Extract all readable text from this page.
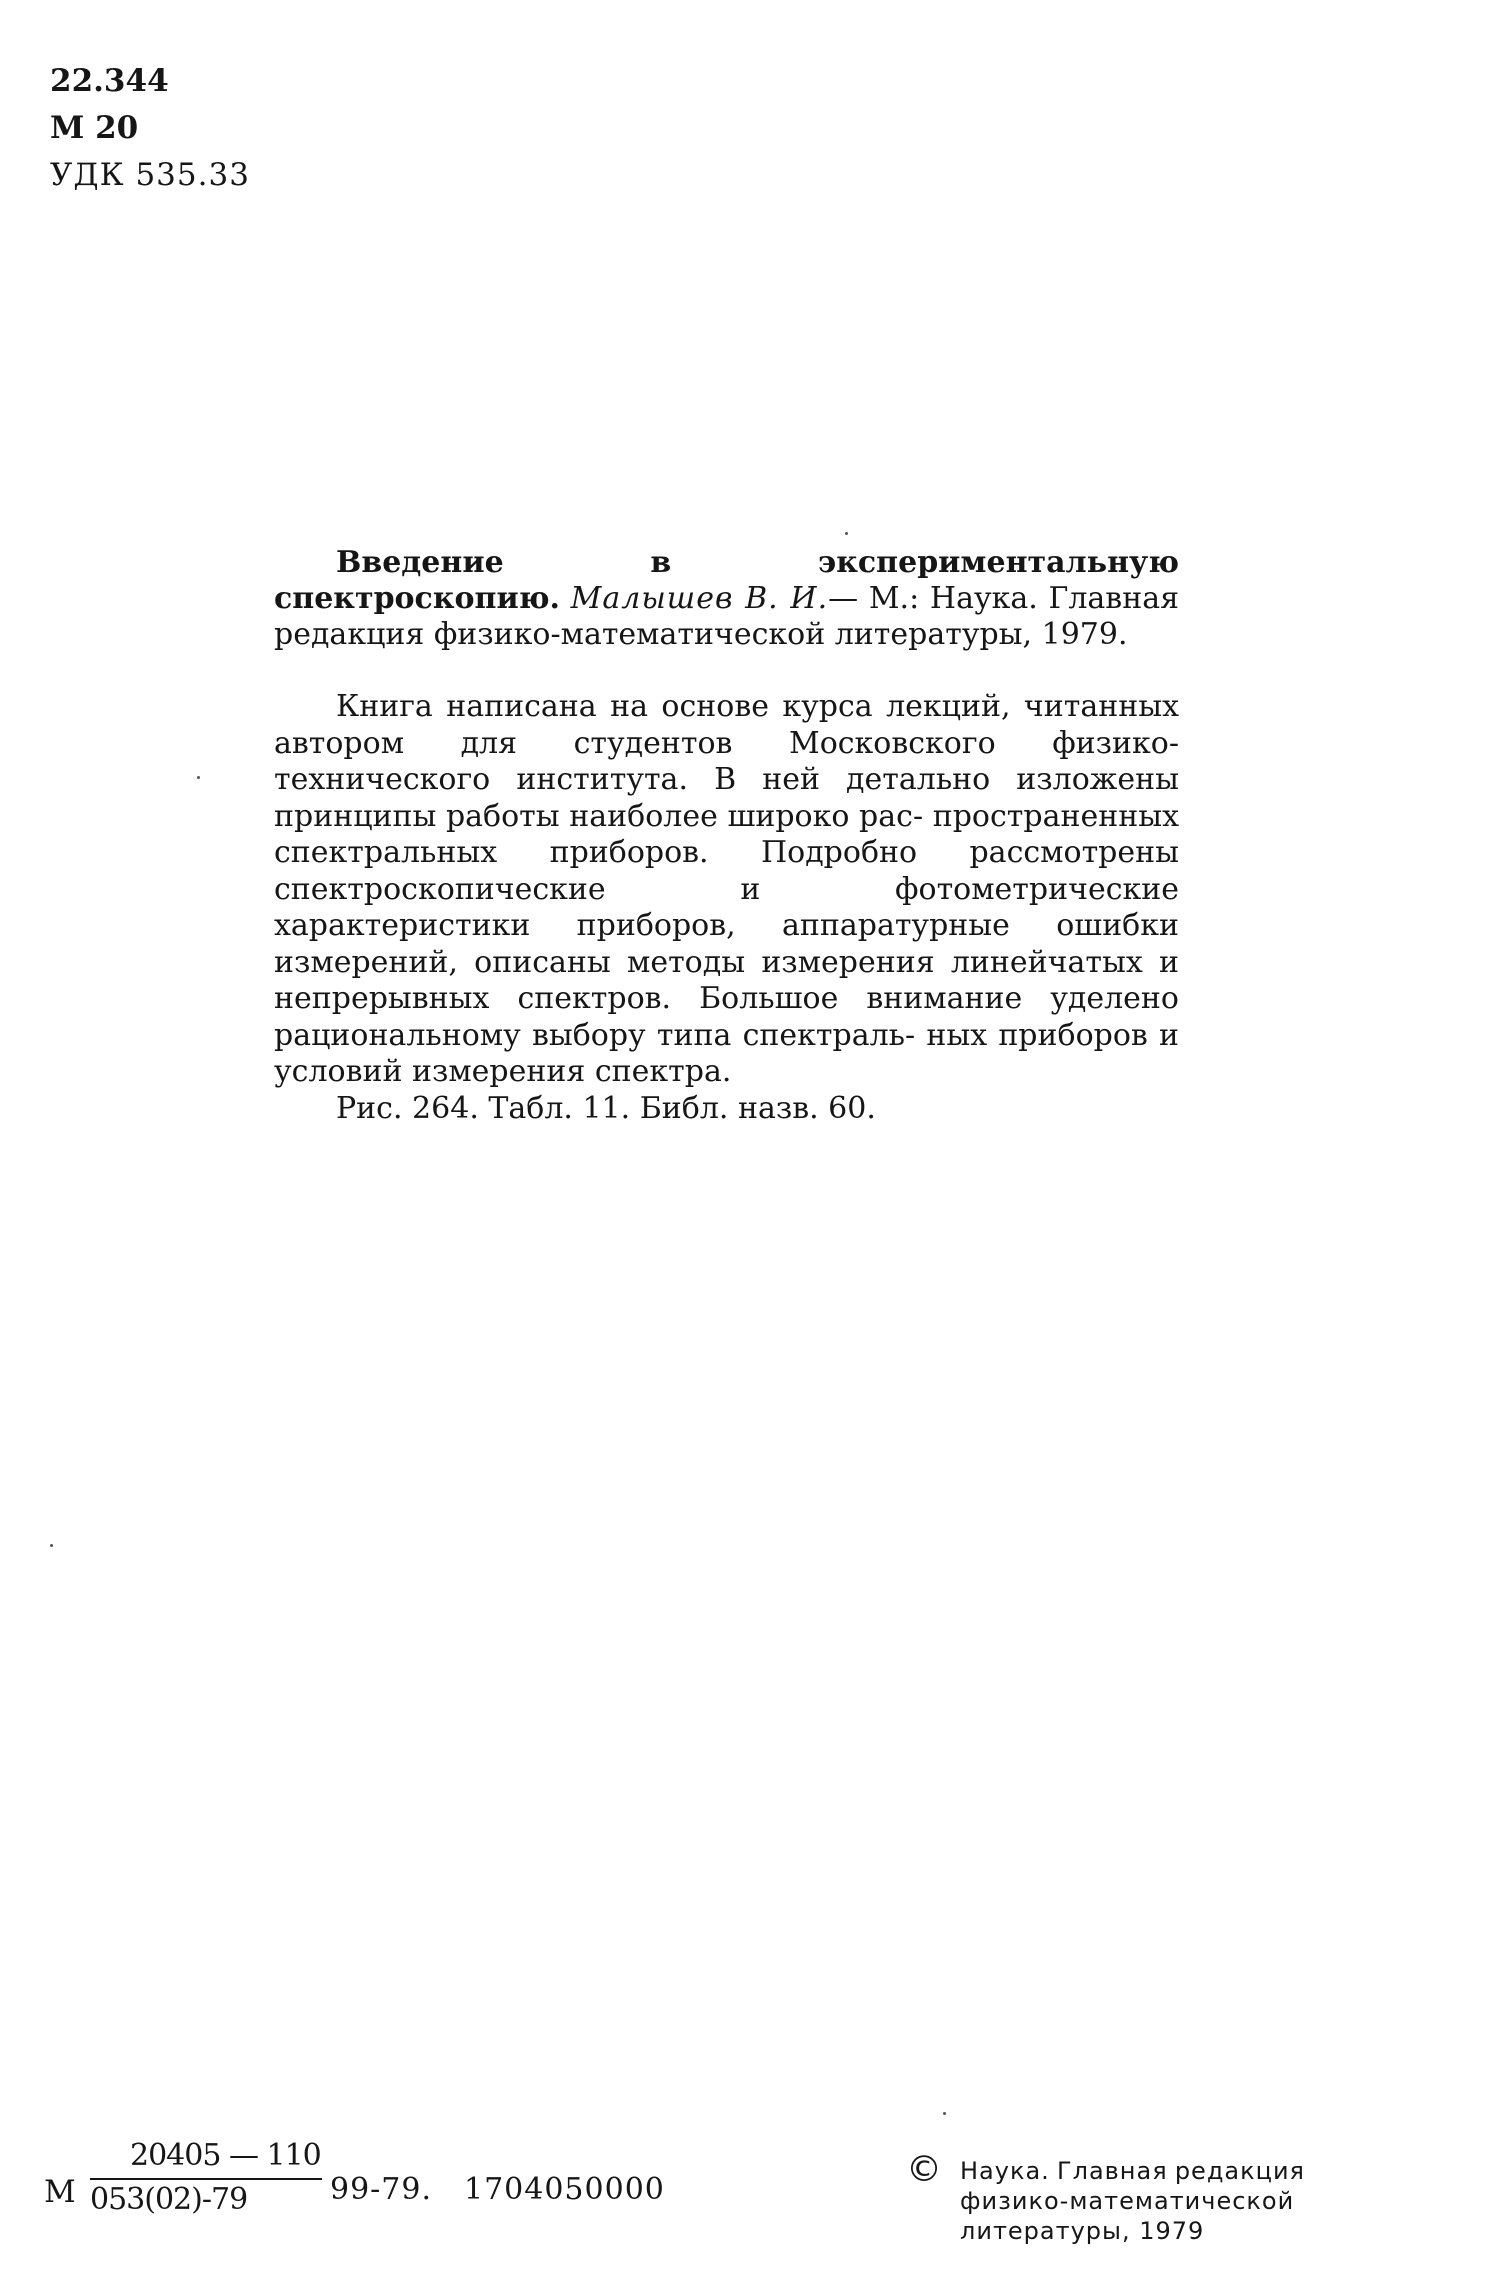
22.344
М 20
УДК 535.33
Введение в экспериментальную спектроскопию. Малышев В. И.— М.: Наука. Главная редакция физико-математической литературы, 1979.
Книга написана на основе курса лекций, читанных автором для студентов Московского физико-технического института. В ней детально изложены принципы работы наиболее широко рас- пространенных спектральных приборов. Подробно рассмотрены спектроскопические и фотометрические характеристики приборов, аппаратурные ошибки измерений, описаны методы измерения линейчатых и непрерывных спектров. Большое внимание уделено рациональному выбору типа спектраль- ных приборов и условий измерения спектра.
Рис. 264. Табл. 11. Библ. назв. 60.
М
20405 — 110
053(02)-79	99-79. 1704050000	© Наука. Главная редакция
физико-математической
литературы, 1979
